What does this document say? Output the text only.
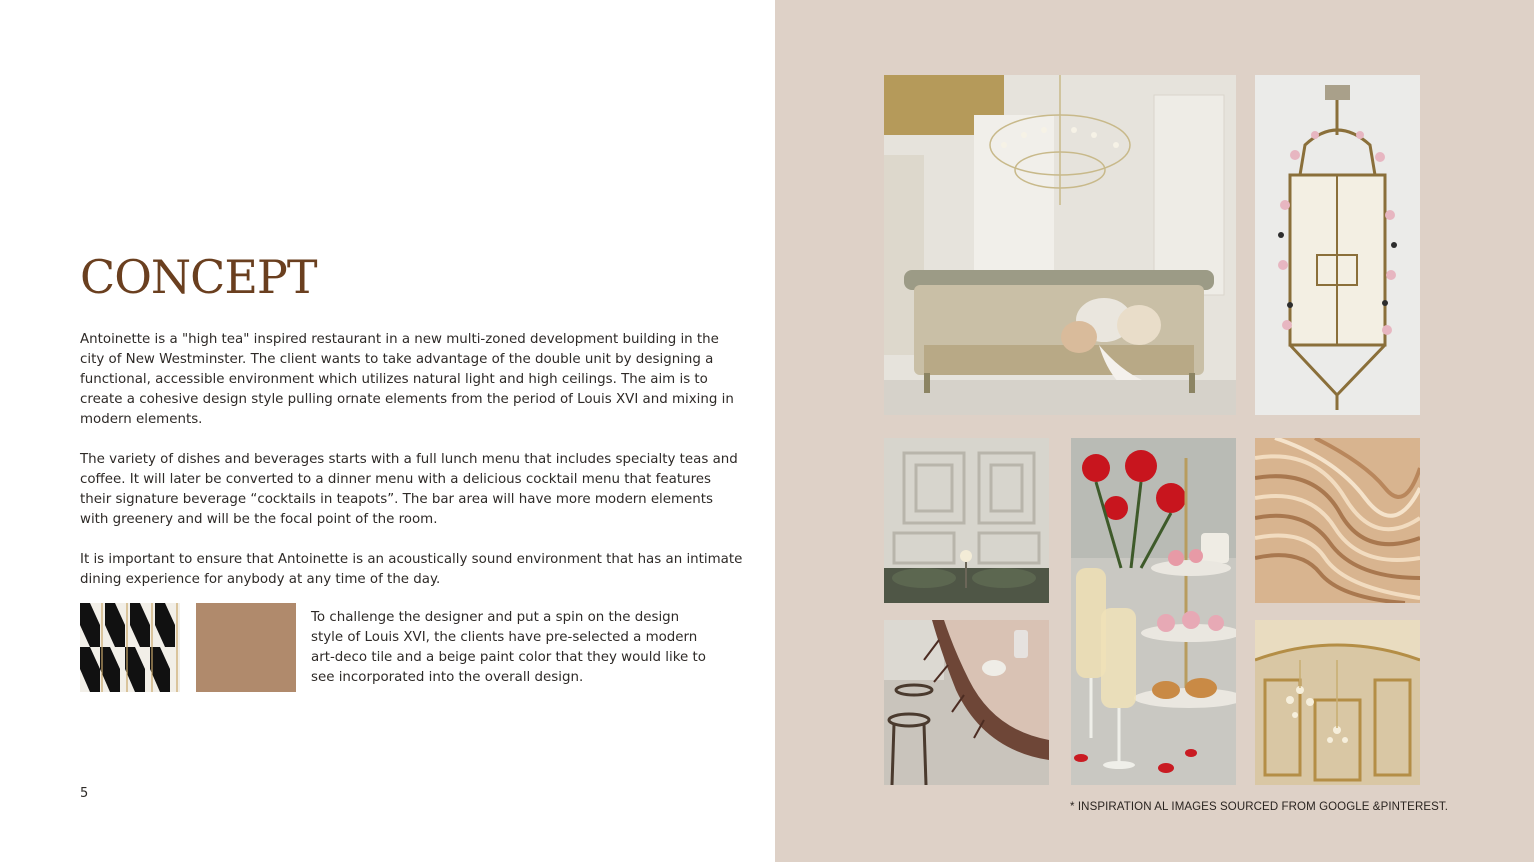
CONCEPT

Antoinette is a "high tea" inspired restaurant in a new multi-zoned development building in the city of New Westminster. The client wants to take advantage of the double unit by designing a functional, accessible environment which utilizes natural light and high ceilings. The aim is to create a cohesive design style pulling ornate elements from the period of Louis XVI and mixing in modern elements.

The variety of dishes and beverages starts with a full lunch menu that includes specialty teas and coffee. It will later be converted to a dinner menu with a delicious cocktail menu that features their signature beverage “cocktails in teapots”. The bar area will have more modern elements with greenery and will be the focal point of the room.

It is important to ensure that Antoinette is an acoustically sound environment that has an intimate dining experience for anybody at any time of the day.

To challenge the designer and put a spin on the design style of Louis XVI, the clients have pre-selected a modern art-deco tile and a beige paint color that they would like to see incorporated into the overall design.
5
* INSPIRATION AL IMAGES SOURCED FROM GOOGLE &PINTEREST.
